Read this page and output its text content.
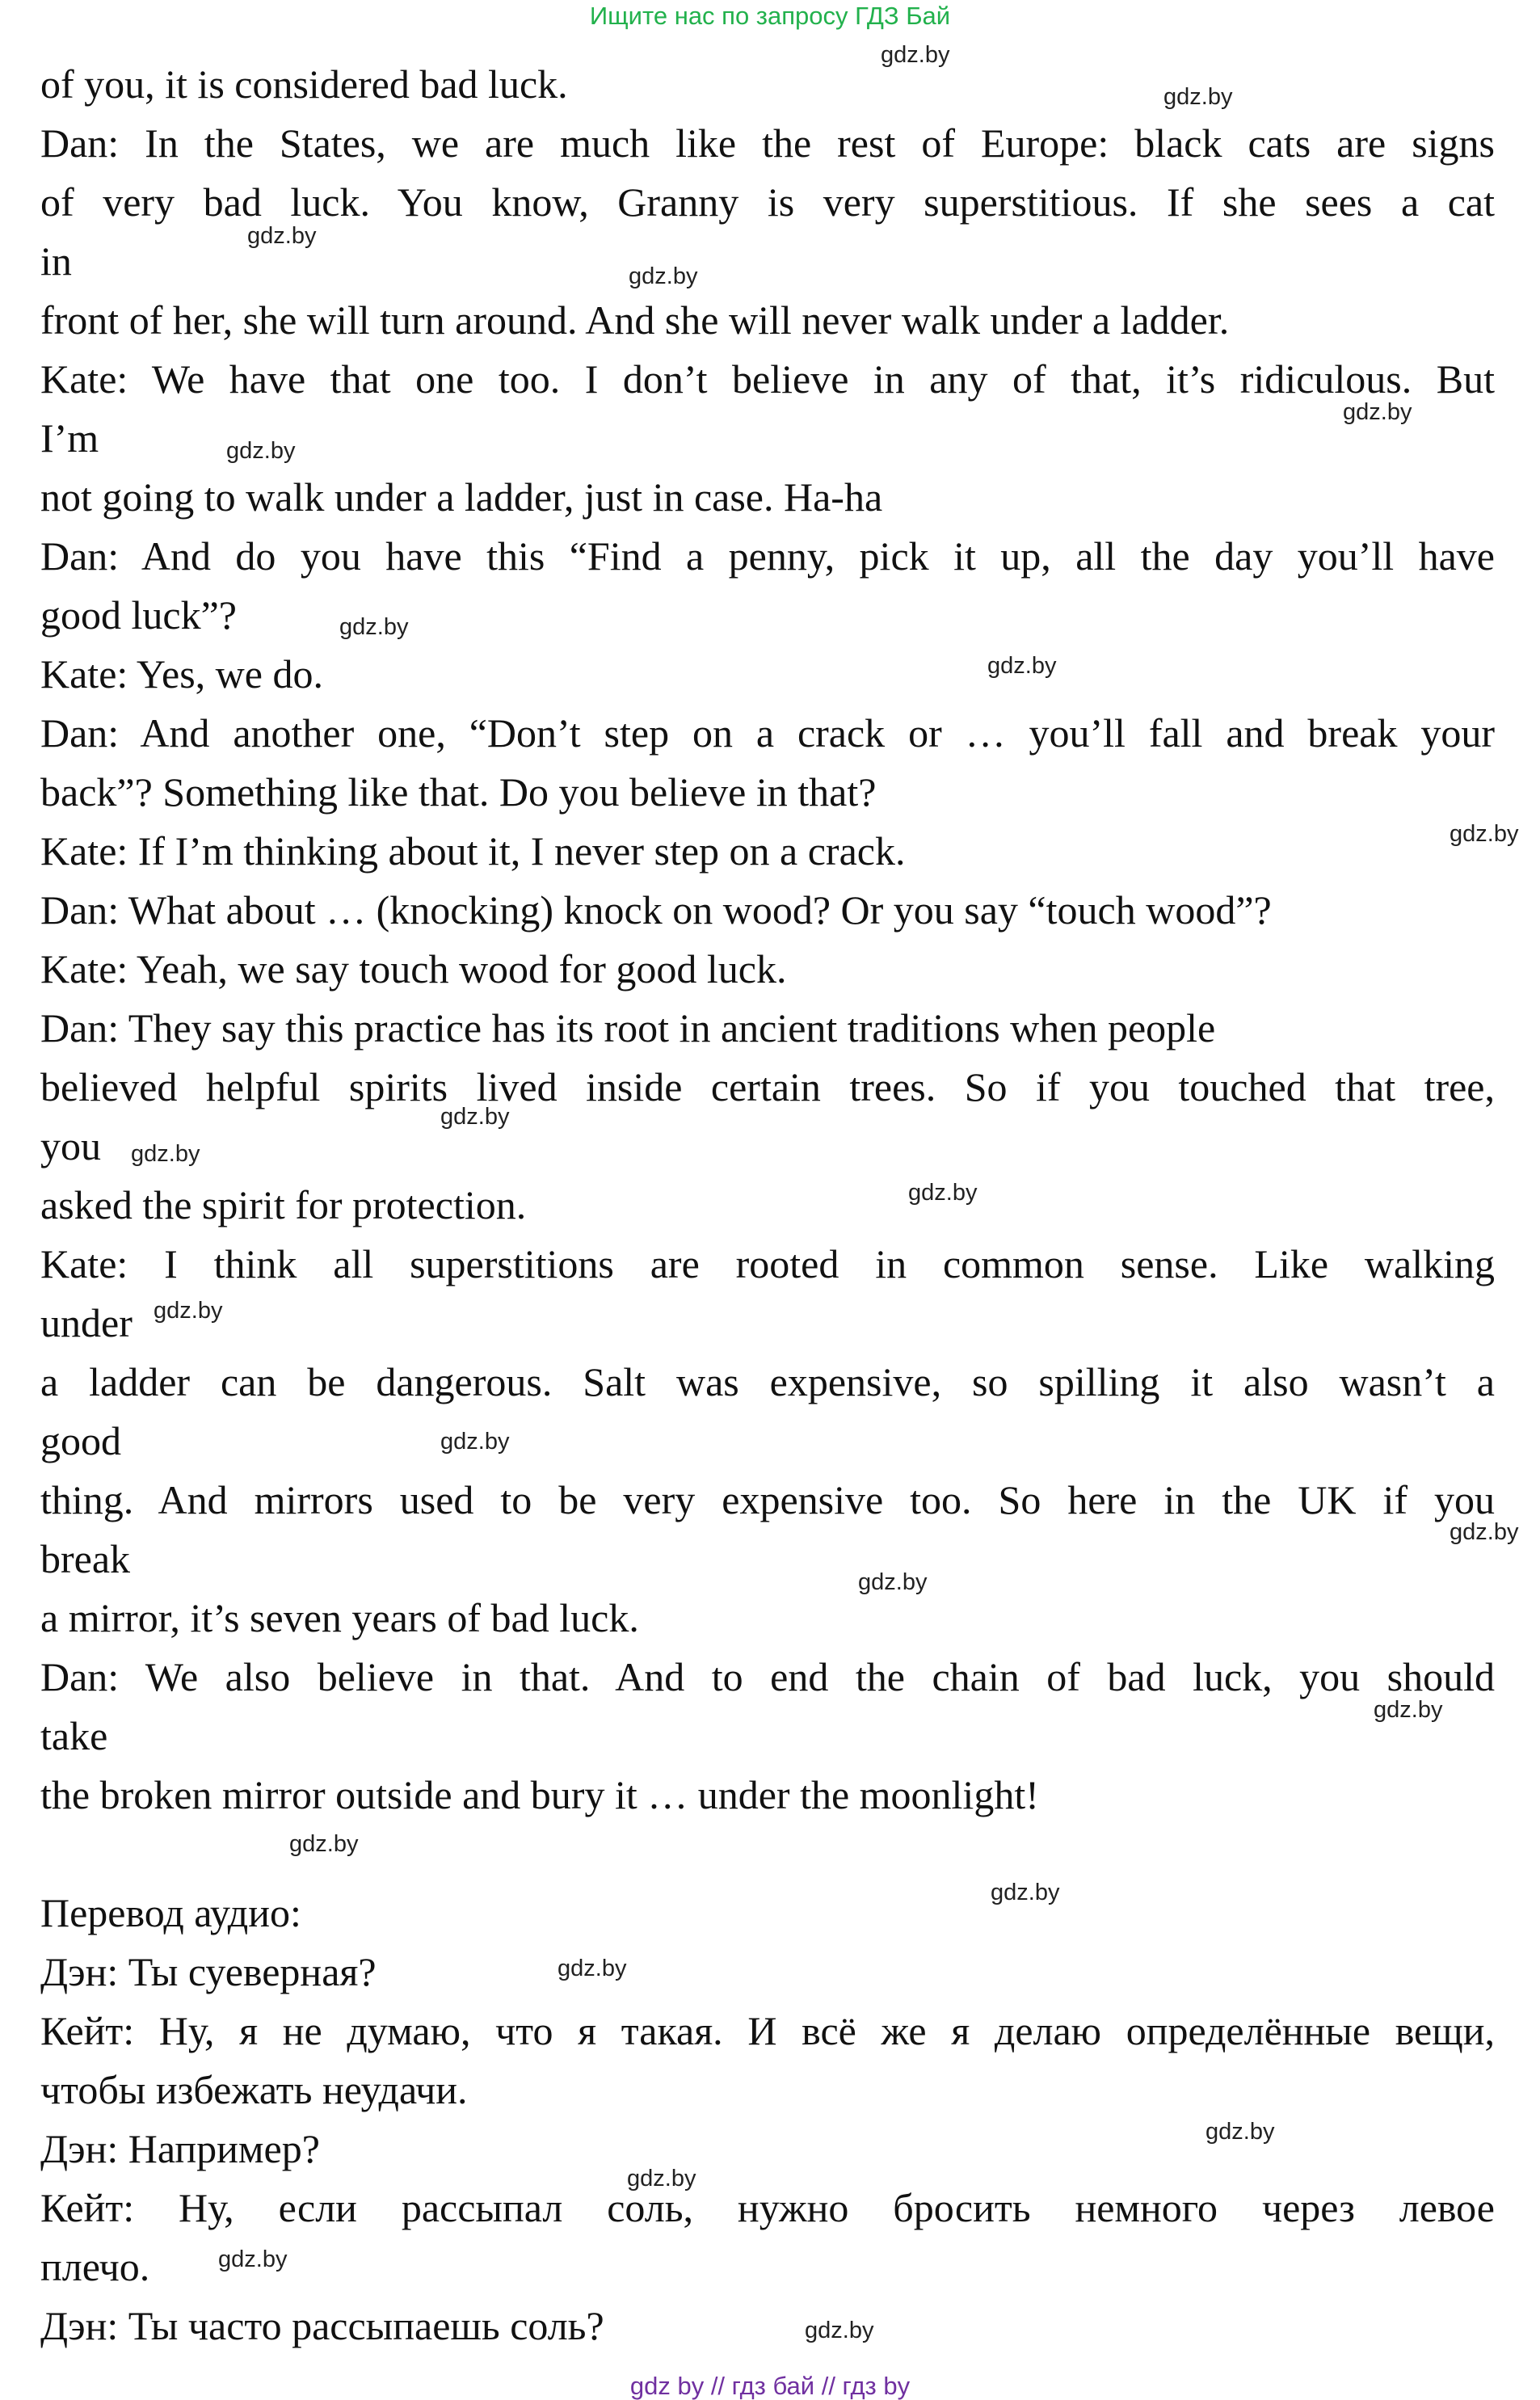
Ищите нас по запросу ГДЗ Бай
of you, it is considered bad luck.
Dan: In the States, we are much like the rest of Europe: black cats are signs
of very bad luck. You know, Granny is very superstitious. If she sees a cat
in
front of her, she will turn around. And she will never walk under a ladder.
Kate: We have that one too. I don’t believe in any of that, it’s ridiculous. But
I’m
not going to walk under a ladder, just in case. Ha-ha
Dan: And do you have this “Find a penny, pick it up, all the day you’ll have
good luck”?
Kate: Yes, we do.
Dan: And another one, “Don’t step on a crack or … you’ll fall and break your
back”? Something like that. Do you believe in that?
Kate: If I’m thinking about it, I never step on a crack.
Dan: What about … (knocking) knock on wood? Or you say “touch wood”?
Kate: Yeah, we say touch wood for good luck.
Dan: They say this practice has its root in ancient traditions when people
believed helpful spirits lived inside certain trees. So if you touched that tree,
you
asked the spirit for protection.
Kate: I think all superstitions are rooted in common sense. Like walking
under
a ladder can be dangerous. Salt was expensive, so spilling it also wasn’t a
good
thing. And mirrors used to be very expensive too. So here in the UK if you
break
a mirror, it’s seven years of bad luck.
Dan: We also believe in that. And to end the chain of bad luck, you should
take
the broken mirror outside and bury it … under the moonlight!
Перевод аудио:
Дэн: Ты суеверная?
Кейт: Ну, я не думаю, что я такая. И всё же я делаю определённые вещи,
чтобы избежать неудачи.
Дэн: Например?
Кейт: Ну, если рассыпал соль, нужно бросить немного через левое
плечо.
Дэн: Ты часто рассыпаешь соль?
gdz.by
gdz.by
gdz.by
gdz.by
gdz.by
gdz.by
gdz.by
gdz.by
gdz.by
gdz.by
gdz.by
gdz.by
gdz.by
gdz.by
gdz.by
gdz.by
gdz.by
gdz.by
gdz.by
gdz.by
gdz.by
gdz.by
gdz.by
gdz.by
gdz by // гдз бай // гдз by
